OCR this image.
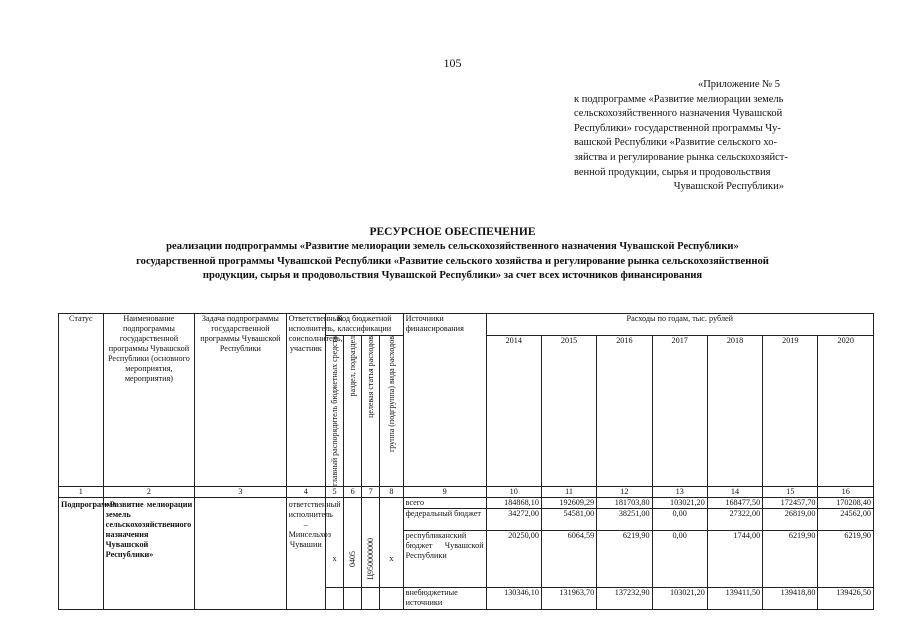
105
«Приложение № 5
к подпрограмме «Развитие мелиорации земель
сельскохозяйственного назначения Чувашской
Республики» государственной программы Чу-
вашской Республики «Развитие сельского хо-
зяйства и регулирование рынка сельскохозяйст-
венной продукции, сырья и продовольствия
Чувашской Республики»
РЕСУРСНОЕ ОБЕСПЕЧЕНИЕ
реализации подпрограммы «Развитие мелиорации земель сельскохозяйственного назначения Чувашской Республики»
государственной программы Чувашской Республики «Развитие сельского хозяйства и регулирование рынка сельскохозяйственной
продукции, сырья и продовольствия Чувашской Республики» за счет всех источников финансирования
Статус	Наименование подпрограммы государственной программы Чувашской Республики (основного мероприятия, мероприятия)	Задача подпрограммы государственной программы Чувашской Республики	Ответственный исполнитель, соисполнитель, участник	Код бюджетной классификации				Источники финансирования	Расходы по годам, тыс. рублей						

				главный распорядитель бюджетных средств	раздел, подраздел	целевая статья расходов	группа (подгруппа) вида расходов		2014	2015	2016	2017	2018	2019	2020
1	2	3	4	5	6	7	8	9	10	11	12	13	14	15	16
Подпрограмма	«Развитие мелиорации земель сельскохозяйственного назначения Чувашской Республики»		ответственный исполнитель – Минсельхоз Чувашии					всего	184868,10	192609,29	181703,80	103021,20	168477,50	172457,70	170208,40
								федеральный бюджет	34272,00	54581,00	38251,00	0,00	27322,00	26819,00	24562,00
				x	0405	Ц950000000	x	республиканский бюджет Чувашской Республики	20250,00	6064,59	6219,90	0,00	1744,00	6219,90	6219,90
								внебюджетные источники	130346,10	131963,70	137232,90	103021,20	139411,50	139418,80	139426,50
